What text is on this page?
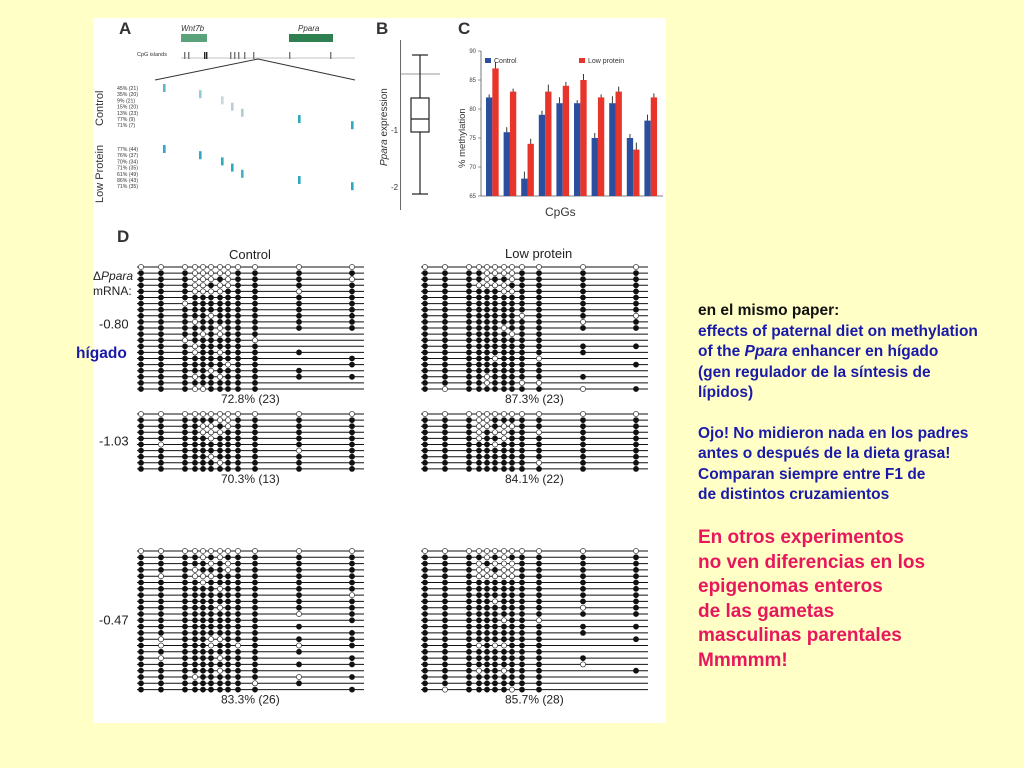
A	Wnt7b	Ppara
CpG islands
Control
Low Protein
45% (21)
35% (20)
9% (21)
15% (20)
13% (23)
77% (9)
71% (7)
77% (44)
76% (37)
70% (34)
71% (35)
61% (49)
86% (43)
71% (35)
B
Ppara expression -1
-2
C
% methylation
Control	Low protein
65
70
75
80
85
90
CpGs
D
Control	Low protein
ΔPpara
mRNA:
72.8% (23)	87.3% (23)
-0.80
70.3% (13)	84.1% (22)
-1.03
83.3% (26)	85.7% (28)
-0.47
hígado
en el mismo paper:
effects of paternal diet on methylation
of the Ppara enhancer en hígado
(gen regulador de la síntesis de
lípidos)
Ojo! No midieron nada en los padres
antes o después de la dieta grasa!
Comparan siempre entre F1 de
de distintos cruzamientos
En otros experimentos
no ven diferencias en los
epigenomas enteros
de las gametas
masculinas parentales
Mmmmm!
